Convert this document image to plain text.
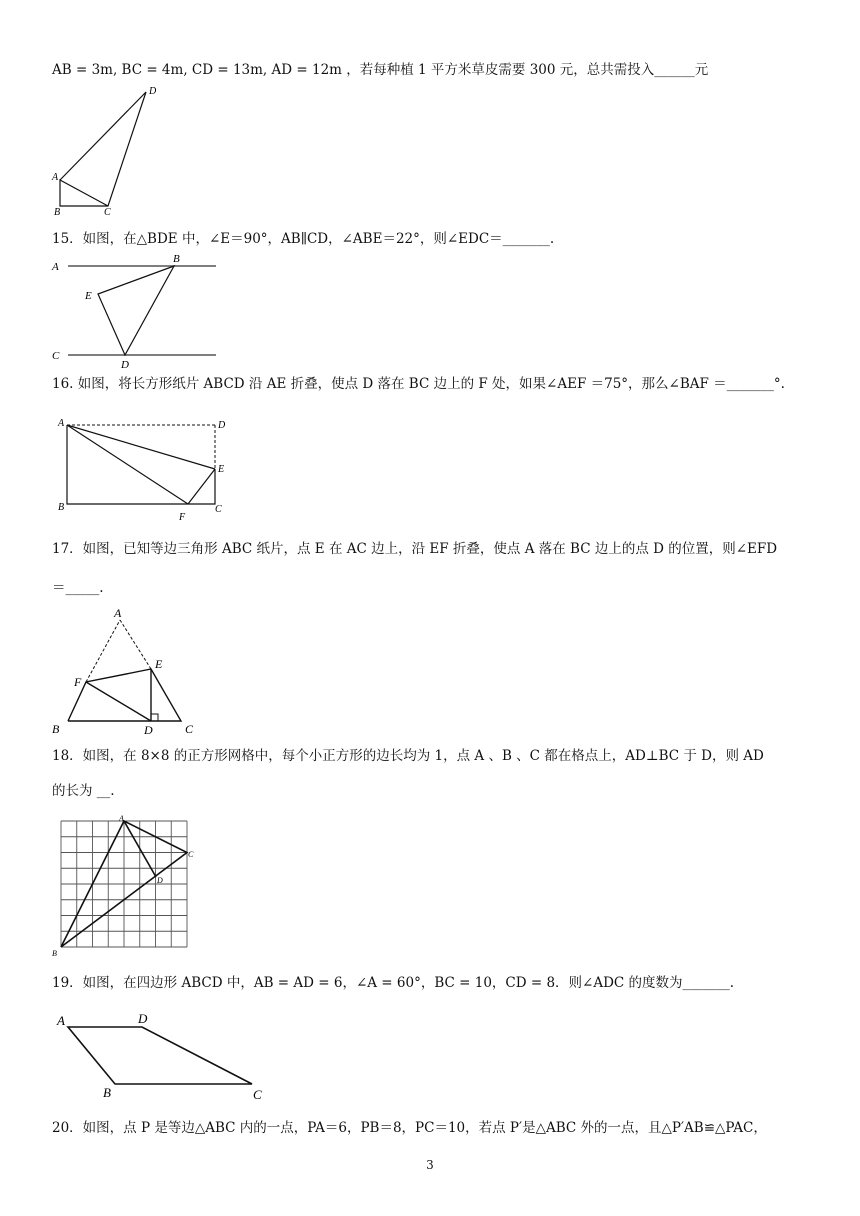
AB = 3m, BC = 4m, CD = 13m, AD = 12m ，若每种植 1 平方米草皮需要 300 元，总共需投入______元
D
A
B	C
15．如图，在△BDE 中，∠E＝90°，AB∥CD，∠ABE＝22°，则∠EDC＝_______.
A
B
C
D
E
16. 如图，将长方形纸片 ABCD 沿 AE 折叠，使点 D 落在 BC 边上的 F 处，如果∠AEF ＝75°，那么∠BAF ＝_______°.
A	D
E
B	C
F
17．如图，已知等边三角形 ABC 纸片，点 E 在 AC 边上，沿 EF 折叠，使点 A 落在 BC 边上的点 D 的位置，则∠EFD
＝_____.
A
E
F
B	D	C
18．如图，在 8×8 的正方形网格中，每个小正方形的边长均为 1，点 A 、B 、C 都在格点上，AD⊥BC 于 D，则 AD
的长为 __.
A
C
D
B
19．如图，在四边形 ABCD 中，AB = AD = 6，∠A = 60°，BC = 10，CD = 8．则∠ADC 的度数为_______.
A	D
B	C
20．如图，点 P 是等边△ABC 内的一点，PA＝6，PB＝8，PC＝10，若点 P′是△ABC 外的一点，且△P′AB≌△PAC，
3
